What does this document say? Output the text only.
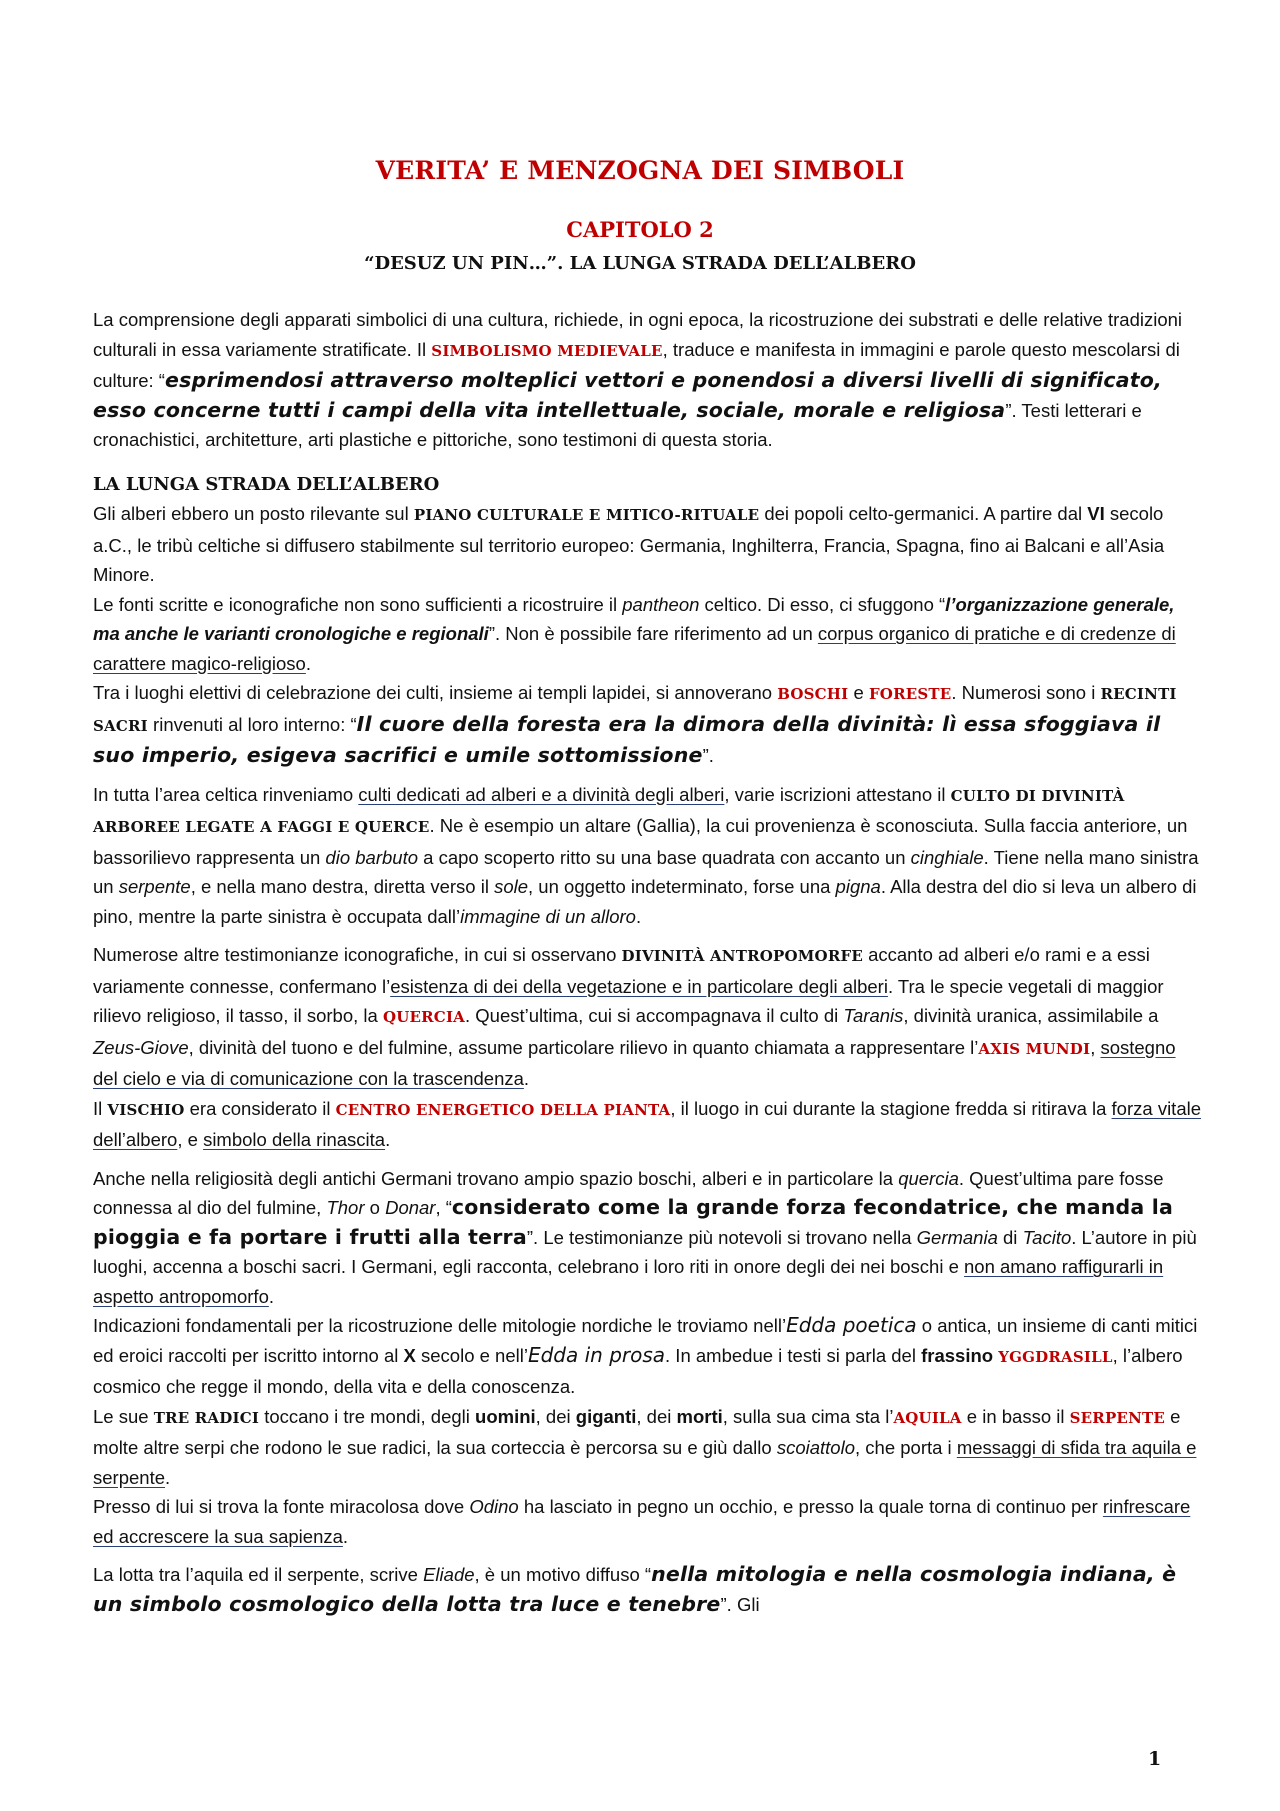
VERITA’ E MENZOGNA DEI SIMBOLI
CAPITOLO 2
“DESUZ UN PIN…”. LA LUNGA STRADA DELL’ALBERO

La comprensione degli apparati simbolici di una cultura, richiede, in ogni epoca, la ricostruzione dei substrati e delle relative tradizioni culturali in essa variamente stratificate. Il SIMBOLISMO MEDIEVALE, traduce e manifesta in immagini e parole questo mescolarsi di culture: “esprimendosi attraverso molteplici vettori e ponendosi a diversi livelli di significato, esso concerne tutti i campi della vita intellettuale, sociale, morale e religiosa”. Testi letterari e cronachistici, architetture, arti plastiche e pittoriche, sono testimoni di questa storia.

LA LUNGA STRADA DELL’ALBERO

Gli alberi ebbero un posto rilevante sul PIANO CULTURALE E MITICO-RITUALE dei popoli celto-germanici. A partire dal VI secolo a.C., le tribù celtiche si diffusero stabilmente sul territorio europeo: Germania, Inghilterra, Francia, Spagna, fino ai Balcani e all’Asia Minore.

Le fonti scritte e iconografiche non sono sufficienti a ricostruire il pantheon celtico. Di esso, ci sfuggono “l’organizzazione generale, ma anche le varianti cronologiche e regionali”. Non è possibile fare riferimento ad un corpus organico di pratiche e di credenze di carattere magico-religioso.

Tra i luoghi elettivi di celebrazione dei culti, insieme ai templi lapidei, si annoverano BOSCHI e FORESTE. Numerosi sono i RECINTI SACRI rinvenuti al loro interno: “Il cuore della foresta era la dimora della divinità: lì essa sfoggiava il suo imperio, esigeva sacrifici e umile sottomissione”.

In tutta l’area celtica rinveniamo culti dedicati ad alberi e a divinità degli alberi, varie iscrizioni attestano il CULTO DI DIVINITÀ ARBOREE LEGATE A FAGGI E QUERCE. Ne è esempio un altare (Gallia), la cui provenienza è sconosciuta. Sulla faccia anteriore, un bassorilievo rappresenta un dio barbuto a capo scoperto ritto su una base quadrata con accanto un cinghiale. Tiene nella mano sinistra un serpente, e nella mano destra, diretta verso il sole, un oggetto indeterminato, forse una pigna. Alla destra del dio si leva un albero di pino, mentre la parte sinistra è occupata dall’immagine di un alloro.

Numerose altre testimonianze iconografiche, in cui si osservano DIVINITÀ ANTROPOMORFE accanto ad alberi e/o rami e a essi variamente connesse, confermano l’esistenza di dei della vegetazione e in particolare degli alberi. Tra le specie vegetali di maggior rilievo religioso, il tasso, il sorbo, la QUERCIA. Quest’ultima, cui si accompagnava il culto di Taranis, divinità uranica, assimilabile a Zeus-Giove, divinità del tuono e del fulmine, assume particolare rilievo in quanto chiamata a rappresentare l’AXIS MUNDI, sostegno del cielo e via di comunicazione con la trascendenza.

Il VISCHIO era considerato il CENTRO ENERGETICO DELLA PIANTA, il luogo in cui durante la stagione fredda si ritirava la forza vitale dell’albero, e simbolo della rinascita.

Anche nella religiosità degli antichi Germani trovano ampio spazio boschi, alberi e in particolare la quercia. Quest’ultima pare fosse connessa al dio del fulmine, Thor o Donar, “considerato come la grande forza fecondatrice, che manda la pioggia e fa portare i frutti alla terra”. Le testimonianze più notevoli si trovano nella Germania di Tacito. L’autore in più luoghi, accenna a boschi sacri. I Germani, egli racconta, celebrano i loro riti in onore degli dei nei boschi e non amano raffigurarli in aspetto antropomorfo.

Indicazioni fondamentali per la ricostruzione delle mitologie nordiche le troviamo nell’Edda poetica o antica, un insieme di canti mitici ed eroici raccolti per iscritto intorno al X secolo e nell’Edda in prosa. In ambedue i testi si parla del frassino YGGDRASILL, l’albero cosmico che regge il mondo, della vita e della conoscenza.

Le sue TRE RADICI toccano i tre mondi, degli uomini, dei giganti, dei morti, sulla sua cima sta l’AQUILA e in basso il SERPENTE e molte altre serpi che rodono le sue radici, la sua corteccia è percorsa su e giù dallo scoiattolo, che porta i messaggi di sfida tra aquila e serpente.

Presso di lui si trova la fonte miracolosa dove Odino ha lasciato in pegno un occhio, e presso la quale torna di continuo per rinfrescare ed accrescere la sua sapienza.

La lotta tra l’aquila ed il serpente, scrive Eliade, è un motivo diffuso “nella mitologia e nella cosmologia indiana, è un simbolo cosmologico della lotta tra luce e tenebre”. Gli

1
